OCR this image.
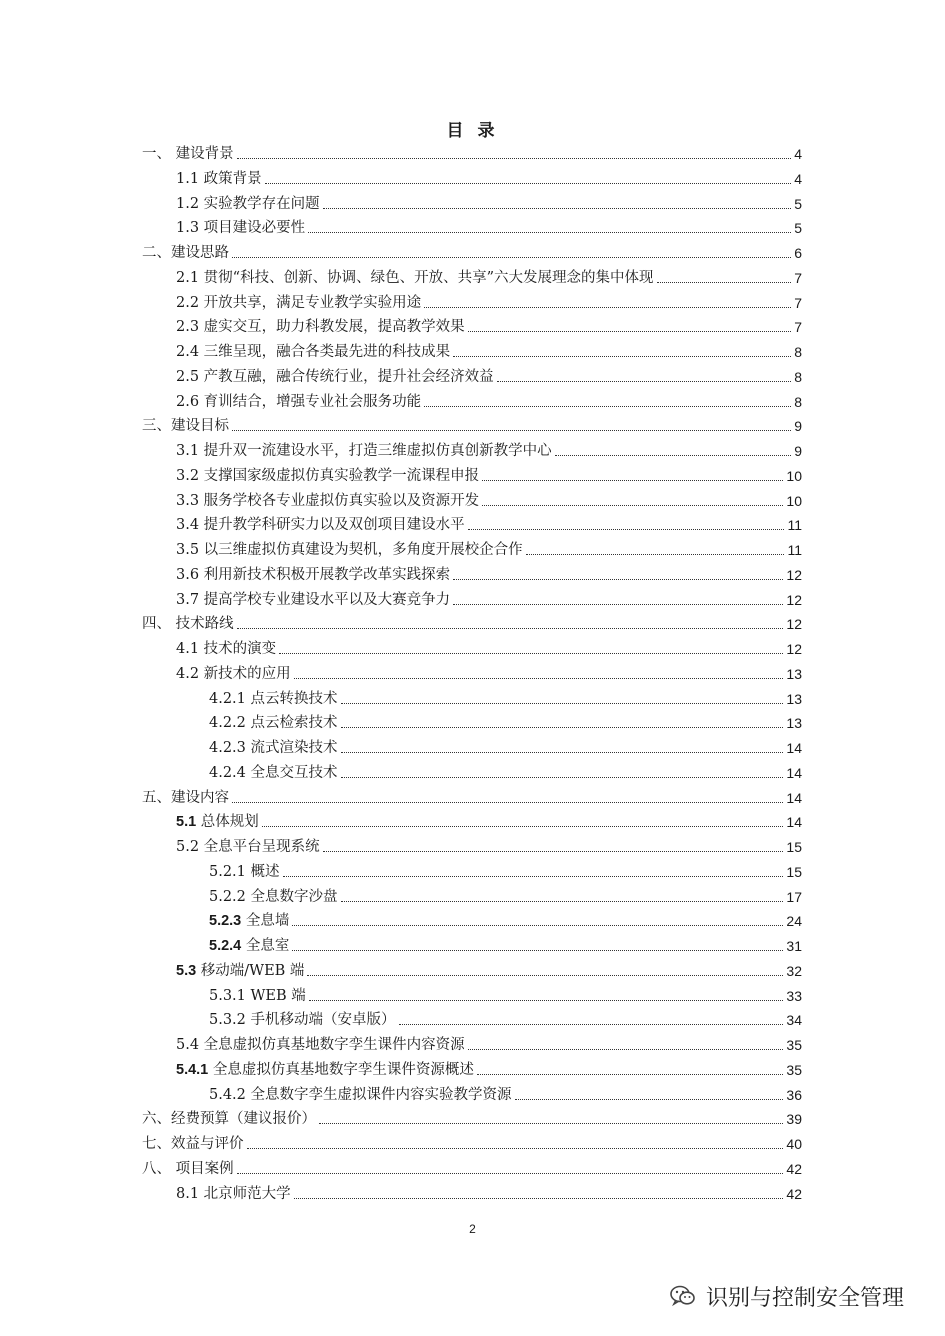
目 录
一、 建设背景	4
1.1 政策背景	4
1.2 实验教学存在问题	5
1.3 项目建设必要性	5
二、建设思路	6
2.1 贯彻“科技、创新、协调、绿色、开放、共享”六大发展理念的集中体现	7
2.2 开放共享，满足专业教学实验用途	7
2.3 虚实交互，助力科教发展，提高教学效果	7
2.4 三维呈现，融合各类最先进的科技成果	8
2.5 产教互融，融合传统行业，提升社会经济效益	8
2.6 育训结合，增强专业社会服务功能	8
三、建设目标	9
3.1 提升双一流建设水平，打造三维虚拟仿真创新教学中心	9
3.2 支撑国家级虚拟仿真实验教学一流课程申报	10
3.3 服务学校各专业虚拟仿真实验以及资源开发	10
3.4 提升教学科研实力以及双创项目建设水平	11
3.5 以三维虚拟仿真建设为契机，多角度开展校企合作	11
3.6 利用新技术积极开展教学改革实践探索	12
3.7 提高学校专业建设水平以及大赛竞争力	12
四、 技术路线	12
4.1 技术的演变	12
4.2 新技术的应用	13
4.2.1 点云转换技术	13
4.2.2 点云检索技术	13
4.2.3 流式渲染技术	14
4.2.4 全息交互技术	14
五、建设内容	14
5.1 总体规划	14
5.2 全息平台呈现系统	15
5.2.1 概述	15
5.2.2 全息数字沙盘	17
5.2.3 全息墙	24
5.2.4 全息室	31
5.3 移动端/WEB 端	32
5.3.1 WEB 端	33
5.3.2 手机移动端（安卓版）	34
5.4 全息虚拟仿真基地数字孪生课件内容资源	35
5.4.1 全息虚拟仿真基地数字孪生课件资源概述	35
5.4.2 全息数字孪生虚拟课件内容实验教学资源	36
六、经费预算（建议报价）	39
七、效益与评价	40
八、 项目案例	42
8.1 北京师范大学	42
2
识别与控制安全管理
